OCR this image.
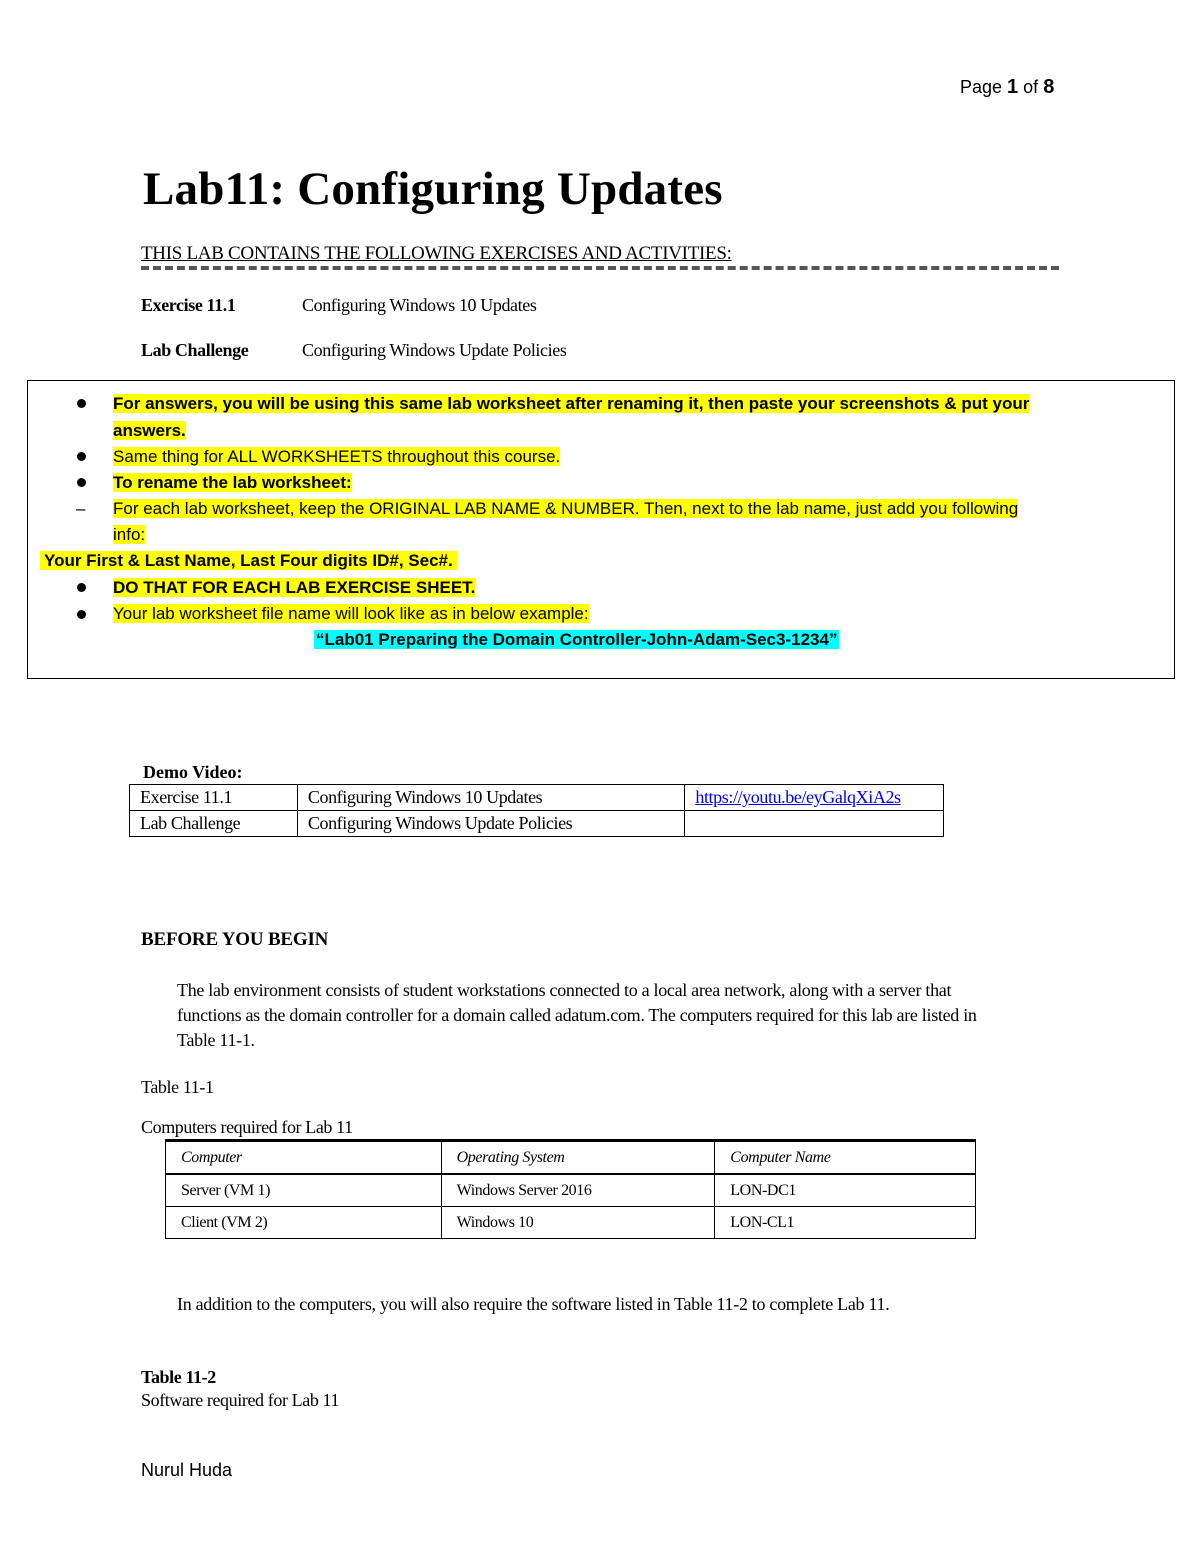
Page 1 of 8
Lab11: Configuring Updates
THIS LAB CONTAINS THE FOLLOWING EXERCISES AND ACTIVITIES:
Exercise 11.1	Configuring Windows 10 Updates
Lab Challenge	Configuring Windows Update Policies
For answers, you will be using this same lab worksheet after renaming it, then paste your screenshots & put your
answers.
Same thing for ALL WORKSHEETS throughout this course.
To rename the lab worksheet:
– For each lab worksheet, keep the ORIGINAL LAB NAME & NUMBER. Then, next to the lab name, just add you following
info:
Your First & Last Name, Last Four digits ID#, Sec#.
DO THAT FOR EACH LAB EXERCISE SHEET.
Your lab worksheet file name will look like as in below example:
“Lab01 Preparing the Domain Controller-John-Adam-Sec3-1234”
Demo Video:
Exercise 11.1	Configuring Windows 10 Updates	https://youtu.be/eyGalqXiA2s
Lab Challenge	Configuring Windows Update Policies	
BEFORE YOU BEGIN
The lab environment consists of student workstations connected to a local area network, along with a server that functions as the domain controller for a domain called adatum.com. The computers required for this lab are listed in Table 11-1.
Table 11-1
Computers required for Lab 11
Computer	Operating System	Computer Name
Server (VM 1)	Windows Server 2016	LON-DC1
Client (VM 2)	Windows 10	LON-CL1
In addition to the computers, you will also require the software listed in Table 11-2 to complete Lab 11.
Table 11-2
Software required for Lab 11
Nurul Huda
